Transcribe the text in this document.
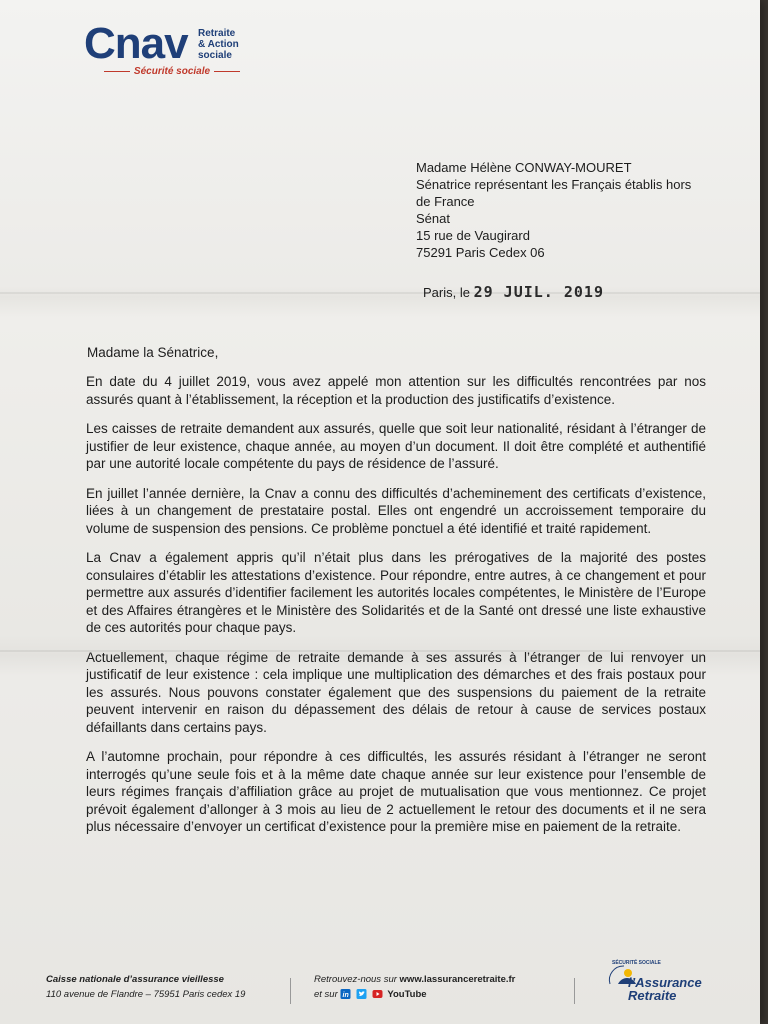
Cnav Retraite
& Action
sociale
Sécurité sociale
Madame Hélène CONWAY-MOURET
Sénatrice représentant les Français établis hors
de France
Sénat
15 rue de Vaugirard
75291 Paris Cedex 06
Paris, le 29 JUIL. 2019
Madame la Sénatrice,

En date du 4 juillet 2019, vous avez appelé mon attention sur les difficultés rencontrées par nos assurés quant à l’établissement, la réception et la production des justificatifs d’existence.

Les caisses de retraite demandent aux assurés, quelle que soit leur nationalité, résidant à l’étranger de justifier de leur existence, chaque année, au moyen d’un document. Il doit être complété et authentifié par une autorité locale compétente du pays de résidence de l’assuré.

En juillet l’année dernière, la Cnav a connu des difficultés d’acheminement des certificats d’existence, liées à un changement de prestataire postal. Elles ont engendré un accroissement temporaire du volume de suspension des pensions. Ce problème ponctuel a été identifié et traité rapidement.

La Cnav a également appris qu’il n’était plus dans les prérogatives de la majorité des postes consulaires d’établir les attestations d’existence. Pour répondre, entre autres, à ce changement et pour permettre aux assurés d’identifier facilement les autorités locales compétentes, le Ministère de l’Europe et des Affaires étrangères et le Ministère des Solidarités et de la Santé ont dressé une liste exhaustive de ces autorités pour chaque pays.

Actuellement, chaque régime de retraite demande à ses assurés à l’étranger de lui renvoyer un justificatif de leur existence : cela implique une multiplication des démarches et des frais postaux pour les assurés. Nous pouvons constater également que des suspensions du paiement de la retraite peuvent intervenir en raison du dépassement des délais de retour à cause de services postaux défaillants dans certains pays.

A l’automne prochain, pour répondre à ces difficultés, les assurés résidant à l’étranger ne seront interrogés qu’une seule fois et à la même date chaque année sur leur existence pour l’ensemble de leurs régimes français d’affiliation grâce au projet de mutualisation que vous mentionnez. Ce projet prévoit également d’allonger à 3 mois au lieu de 2 actuellement le retour des documents et il ne sera plus nécessaire d’envoyer un certificat d’existence pour la première mise en paiement de la retraite.

Caisse nationale d’assurance vieillesse
110 avenue de Flandre – 75951 Paris cedex 19
Retrouvez-nous sur www.lassuranceretraite.fr
et sur in	YouTube
SÉCURITÉ SOCIALE
l’Assurance
Retraite
